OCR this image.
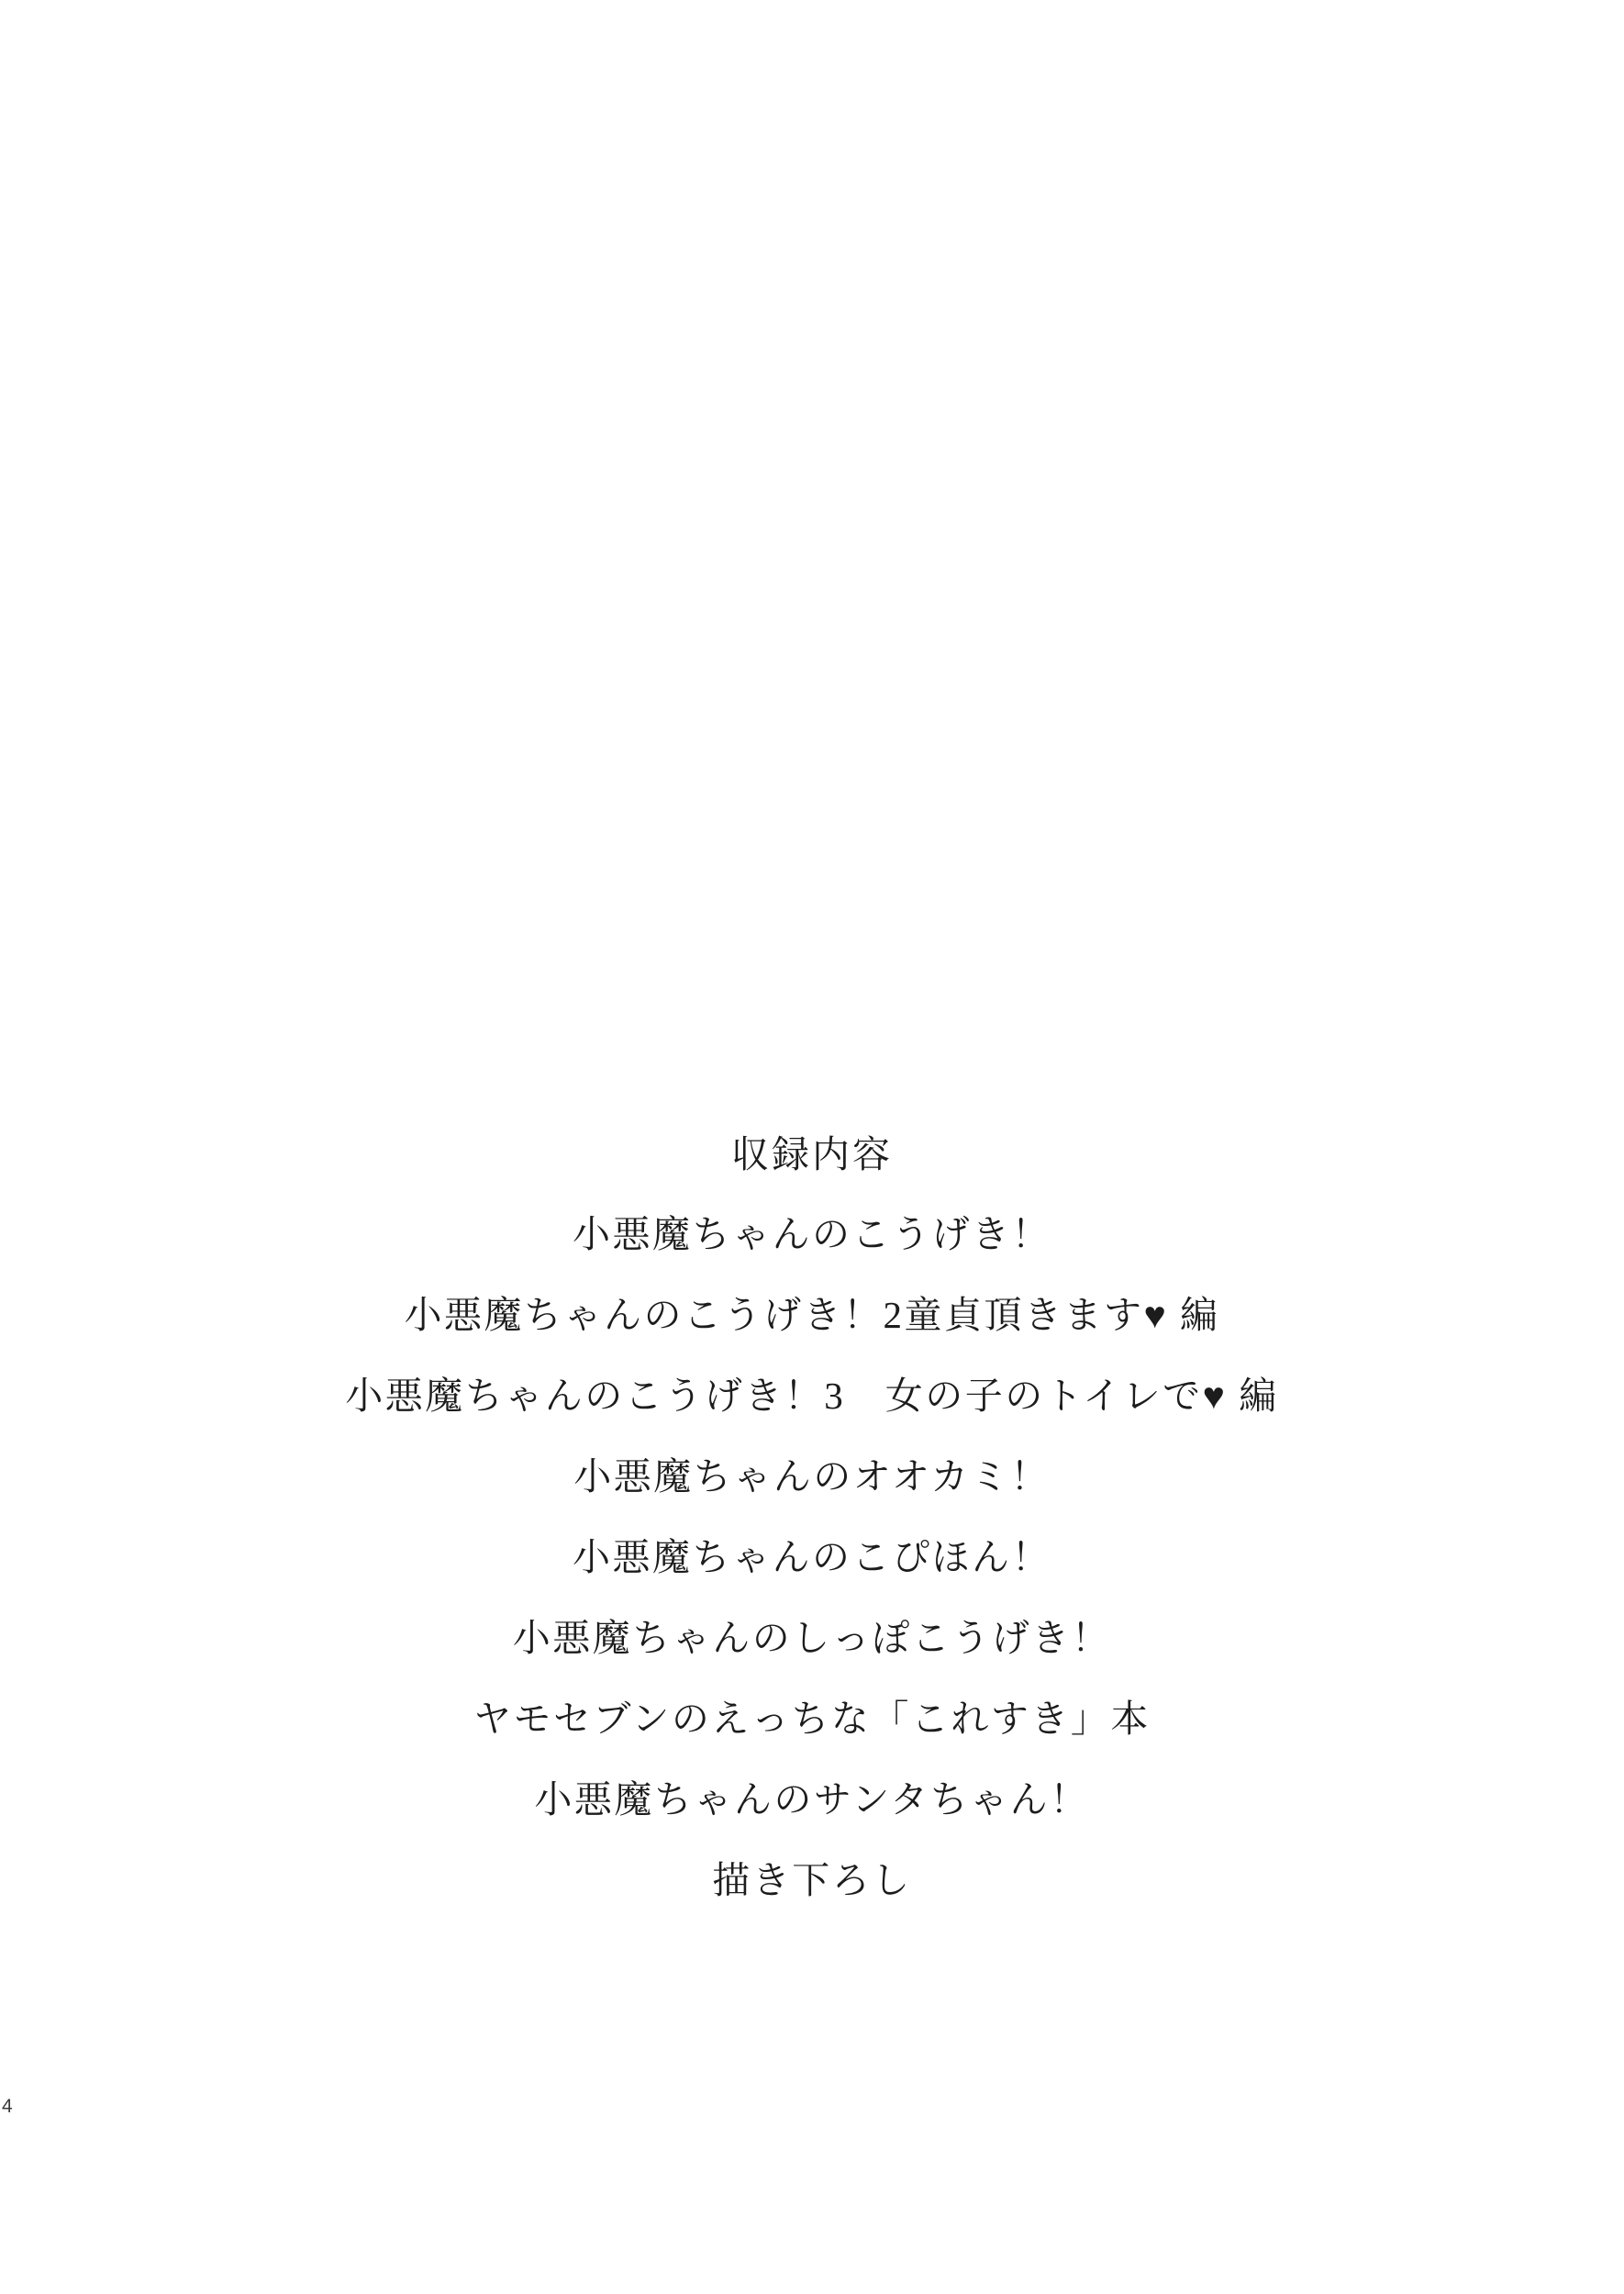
4
収録内容
小悪魔ちゃんのこうげき！
小悪魔ちゃんのこうげき！2童貞頂きます♥ 編
小悪魔ちゃんのこうげき！3　女の子のトイレで♥ 編
小悪魔ちゃんのオオカミ！
小悪魔ちゃんのこぴほん！
小悪魔ちゃんのしっぽこうげき！
ヤモセブンのえっちな「これすき」本
小悪魔ちゃんのサンタちゃん！
描き下ろし
